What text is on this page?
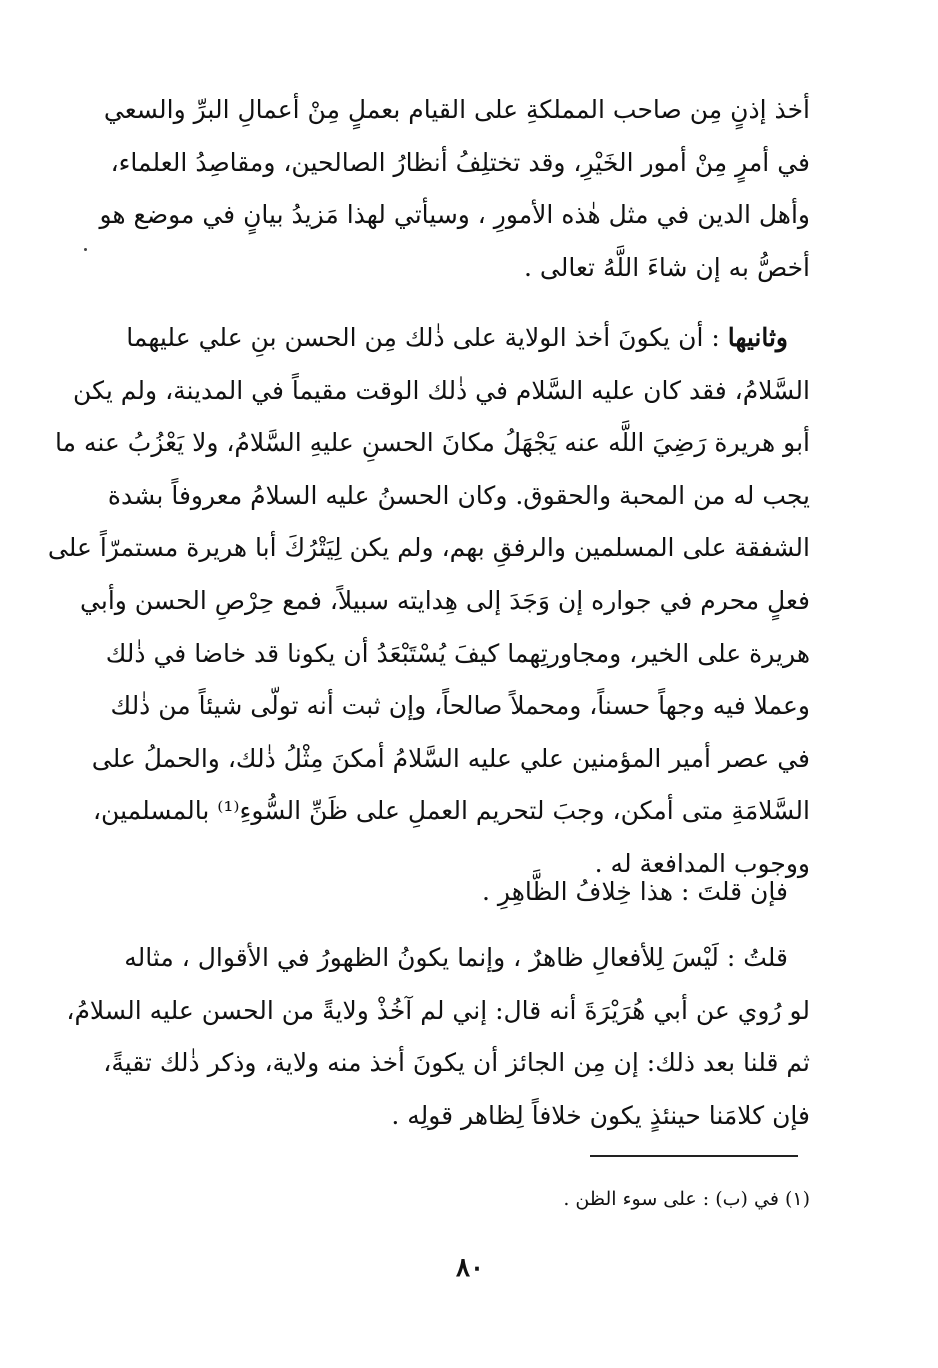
أخذ إذنٍ مِن صاحب المملكةِ على القيام بعملٍ مِنْ أعمالِ البرِّ والسعي
في أمرٍ مِنْ أمور الخَيْرِ، وقد تختلِفُ أنظارُ الصالحين، ومقاصِدُ العلماء،
وأهل الدين في مثل هٰذه الأمورِ ، وسيأتي لهذا مَزيدُ بيانٍ في موضع هو
أخصُّ به إن شاءَ اللَّهُ تعالى .
وثانيها : أن يكونَ أخذ الولاية على ذٰلك مِن الحسن بنِ علي عليهما
السَّلامُ، فقد كان عليه السَّلام في ذٰلك الوقت مقيماً في المدينة، ولم يكن
أبو هريرة رَضِيَ اللَّه عنه يَجْهَلُ مكانَ الحسنِ عليهِ السَّلامُ، ولا يَعْزُبُ عنه ما
يجب له من المحبة والحقوق. وكان الحسنُ عليه السلامُ معروفاً بشدة
الشفقة على المسلمين والرفقِ بهم، ولم يكن لِيَتْرُكَ أبا هريرة مستمرّاً على
فعلٍ محرم في جواره إن وَجَدَ إلى هِدايته سبيلاً، فمع حِرْصِ الحسن وأبي
هريرة على الخير، ومجاورتِهما كيفَ يُسْتَبْعَدُ أن يكونا قد خاضا في ذٰلك
وعملا فيه وجهاً حسناً، ومحملاً صالحاً، وإن ثبت أنه تولّى شيئاً من ذٰلك
في عصر أمير المؤمنين علي عليه السَّلامُ أمكنَ مِثْلُ ذٰلك، والحملُ على
السَّلامَةِ متى أمكن، وجبَ لتحريم العملِ على ظَنِّ السُّوءِ⁽¹⁾ بالمسلمين،
ووجوب المدافعة له .
فإن قلتَ : هذا خِلافُ الظَّاهِرِ .
قلتُ : لَيْسَ لِلأفعالِ ظاهرٌ ، وإنما يكونُ الظهورُ في الأقوال ، مثاله
لو رُوي عن أبي هُرَيْرَةَ أنه قال: إني لم آخُذْ ولايةً من الحسن عليه السلامُ،
ثم قلنا بعد ذلك: إن مِن الجائز أن يكونَ أخذ منه ولاية، وذكر ذٰلك تقيةً،
فإن كلامَنا حينئذٍ يكون خلافاً لِظاهر قولِه .
(١) في (ب) : على سوء الظن .
٨٠
